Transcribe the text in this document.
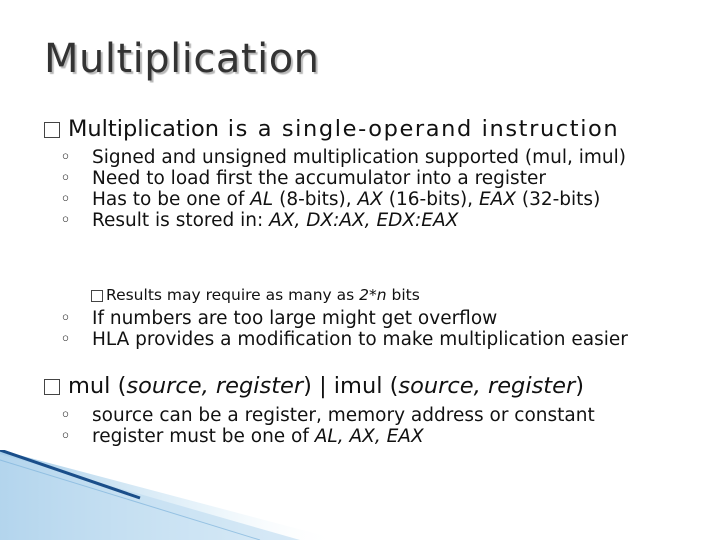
Multiplication
Multiplication is a single-operand instruction
◦ Signed and unsigned multiplication supported (mul, imul)
◦ Need to load first the accumulator into a register
◦ Has to be one of AL (8-bits), AX (16-bits), EAX (32-bits)
◦ Result is stored in: AX, DX:AX, EDX:EAX
Results may require as many as 2*n bits
◦ If numbers are too large might get overflow
◦ HLA provides a modification to make multiplication easier
mul (source, register) | imul (source, register)
◦ source can be a register, memory address or constant
◦ register must be one of AL, AX, EAX
